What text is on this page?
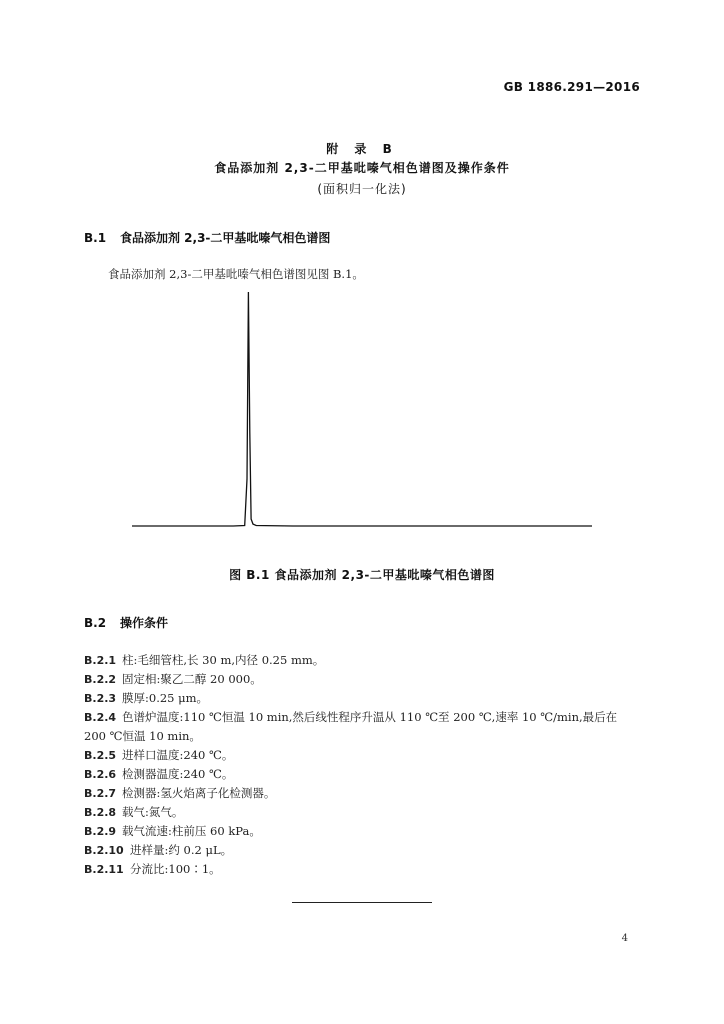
GB 1886.291—2016
附 录 B
食品添加剂 2,3-二甲基吡嗪气相色谱图及操作条件
(面积归一化法)
B.1 食品添加剂 2,3-二甲基吡嗪气相色谱图
食品添加剂 2,3-二甲基吡嗪气相色谱图见图 B.1。
图 B.1 食品添加剂 2,3-二甲基吡嗪气相色谱图
B.2 操作条件
B.2.1 柱:毛细管柱,长 30 m,内径 0.25 mm。
B.2.2 固定相:聚乙二醇 20 000。
B.2.3 膜厚:0.25 μm。
B.2.4 色谱炉温度:110 ℃恒温 10 min,然后线性程序升温从 110 ℃至 200 ℃,速率 10 ℃/min,最后在
200 ℃恒温 10 min。
B.2.5 进样口温度:240 ℃。
B.2.6 检测器温度:240 ℃。
B.2.7 检测器:氢火焰离子化检测器。
B.2.8 载气:氮气。
B.2.9 载气流速:柱前压 60 kPa。
B.2.10 进样量:约 0.2 μL。
B.2.11 分流比:100∶1。
4
